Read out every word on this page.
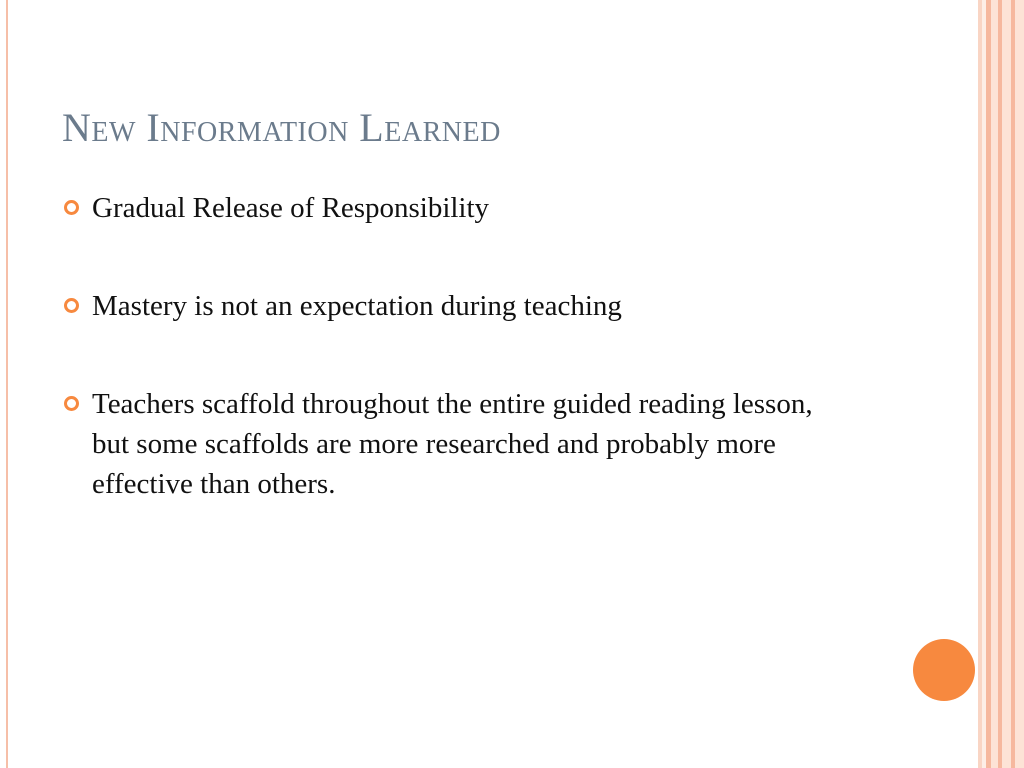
New Information Learned
Gradual Release of Responsibility
Mastery is not an expectation during teaching
Teachers scaffold throughout the entire guided reading lesson, but some scaffolds are more researched and probably more effective than others.
